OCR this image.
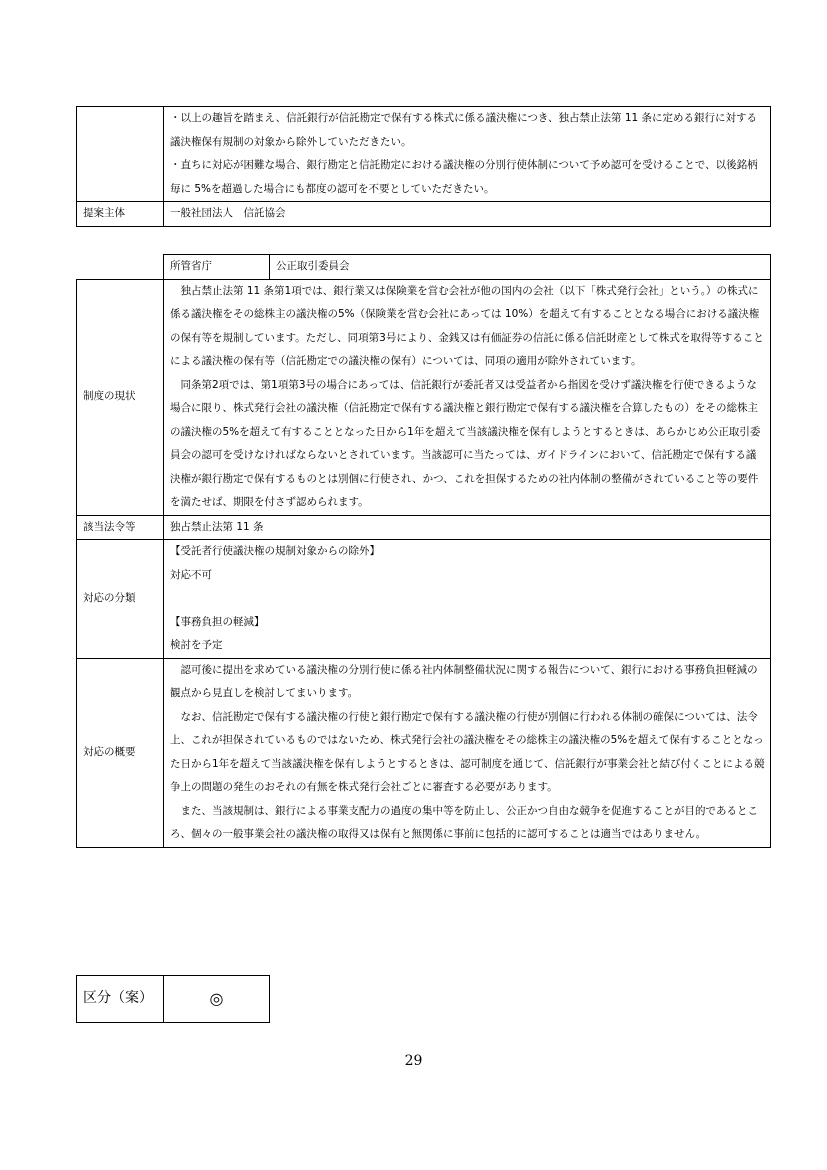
	・以上の趣旨を踏まえ、信託銀行が信託勘定で保有する株式に係る議決権につき、独占禁止法第 11 条に定める銀行に対する議決権保有規制の対象から除外していただきたい。
・直ちに対応が困難な場合、銀行勘定と信託勘定における議決権の分別行使体制について予め認可を受けることで、以後銘柄毎に 5%を超過した場合にも都度の認可を不要としていただきたい。

提案主体	一般社団法人　信託協会
	所管省庁	公正取引委員会
制度の現状	　独占禁止法第 11 条第1項では、銀行業又は保険業を営む会社が他の国内の会社（以下「株式発行会社」という。）の株式に係る議決権をその総株主の議決権の5%（保険業を営む会社にあっては 10%）を超えて有することとなる場合における議決権の保有等を規制しています。ただし、同項第3号により、金銭又は有価証券の信託に係る信託財産として株式を取得等することによる議決権の保有等（信託勘定での議決権の保有）については、同項の適用が除外されています。
　同条第2項では、第1項第3号の場合にあっては、信託銀行が委託者又は受益者から指図を受けず議決権を行使できるような場合に限り、株式発行会社の議決権（信託勘定で保有する議決権と銀行勘定で保有する議決権を合算したもの）をその総株主の議決権の5%を超えて有することとなった日から1年を超えて当該議決権を保有しようとするときは、あらかじめ公正取引委員会の認可を受けなければならないとされています。当該認可に当たっては、ガイドラインにおいて、信託勘定で保有する議決権が銀行勘定で保有するものとは別個に行使され、かつ、これを担保するための社内体制の整備がされていること等の要件を満たせば、期限を付さず認められます。	

該当法令等	独占禁止法第 11 条	
対応の分類	【受託者行使議決権の規制対象からの除外】
対応不可
【事務負担の軽減】
検討を予定	

対応の概要	　認可後に提出を求めている議決権の分別行使に係る社内体制整備状況に関する報告について、銀行における事務負担軽減の観点から見直しを検討してまいります。
　なお、信託勘定で保有する議決権の行使と銀行勘定で保有する議決権の行使が別個に行われる体制の確保については、法令上、これが担保されているものではないため、株式発行会社の議決権をその総株主の議決権の5%を超えて保有することとなった日から1年を超えて当該議決権を保有しようとするときは、認可制度を通じて、信託銀行が事業会社と結び付くことによる競争上の問題の発生のおそれの有無を株式発行会社ごとに審査する必要があります。
　また、当該規制は、銀行による事業支配力の過度の集中等を防止し、公正かつ自由な競争を促進することが目的であるところ、個々の一般事業会社の議決権の取得又は保有と無関係に事前に包括的に認可することは適当ではありません。	
区分（案）	◎
29
